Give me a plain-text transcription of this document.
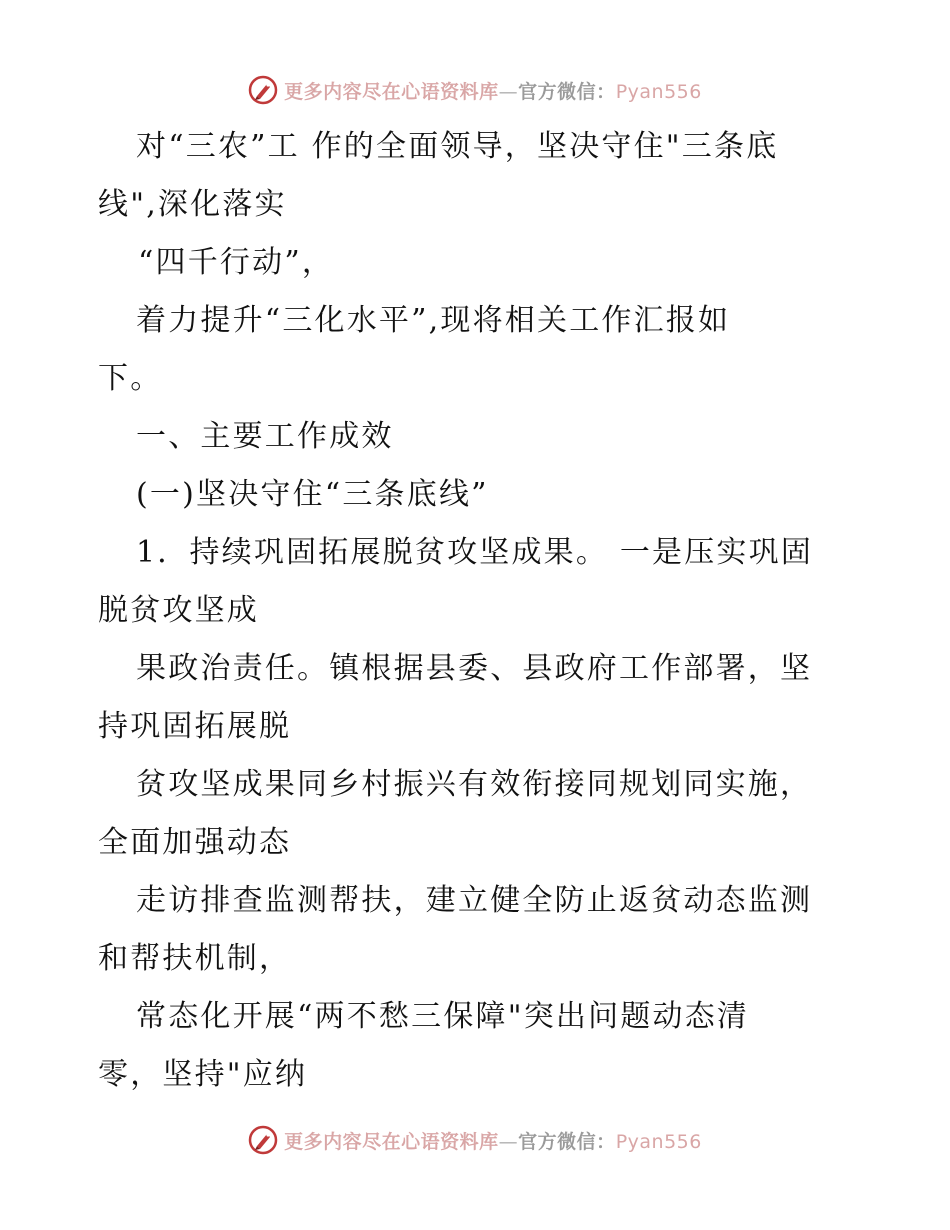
更多内容尽在心语资料库—官方微信：Pyan556
对“三农”工 作的全面领导，坚决守住"三条底
线",深化落实
“四千行动”，
着力提升“三化水平”,现将相关工作汇报如
下。
一、主要工作成效
(一)坚决守住“三条底线”
1．持续巩固拓展脱贫攻坚成果。 一是压实巩固
脱贫攻坚成
果政治责任。镇根据县委、县政府工作部署，坚
持巩固拓展脱
贫攻坚成果同乡村振兴有效衔接同规划同实施，
全面加强动态
走访排查监测帮扶，建立健全防止返贫动态监测
和帮扶机制，
常态化开展“两不愁三保障"突出问题动态清
零，坚持"应纳
更多内容尽在心语资料库—官方微信：Pyan556
